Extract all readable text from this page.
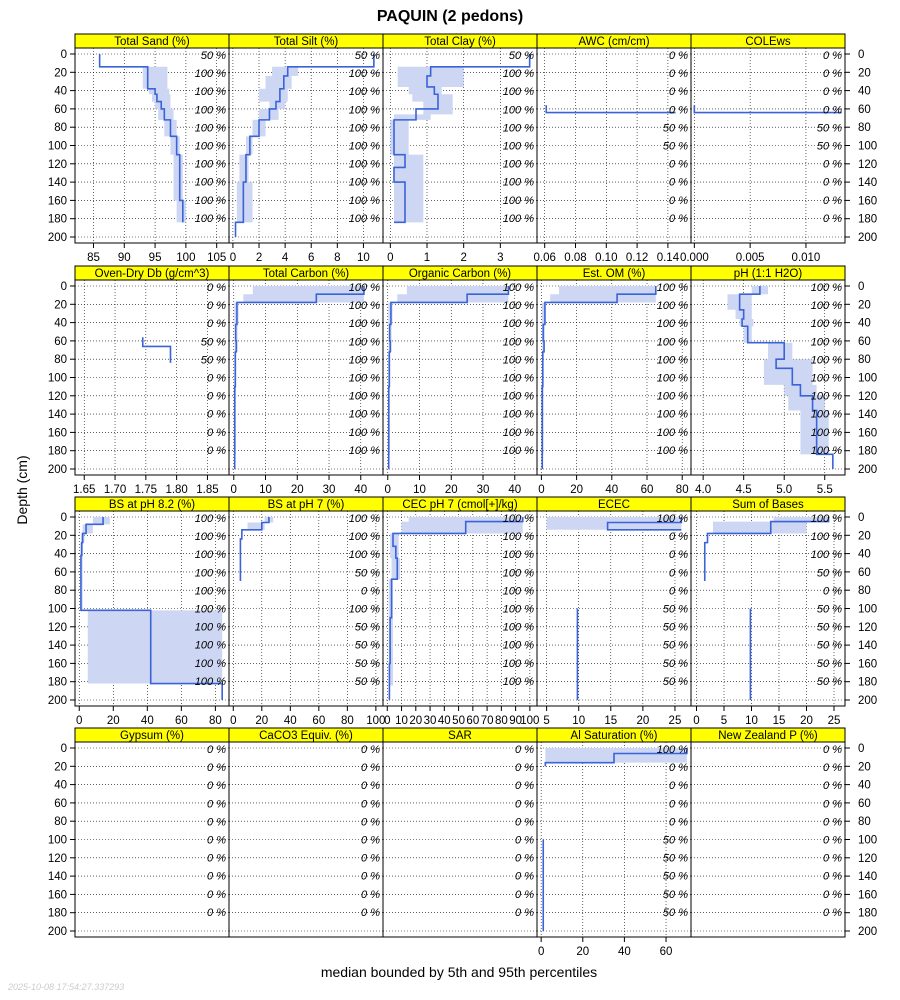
PAQUIN (2 pedons)
Total Sand (%)
50 %
100 %
100 %
100 %
100 %
100 %
100 %
100 %
100 %
100 %
85 90 95 100 105
0
20
40
60
80
100
120
140
160
180
200
Total Silt (%)
50 %
100 %
100 %
100 %
100 %
100 %
100 %
100 %
100 %
100 %
0 2 4 6 8 10
Total Clay (%)
50 %
100 %
100 %
100 %
100 %
100 %
100 %
100 %
100 %
100 %
0	1	2	3
AWC (cm/cm)
0 %
0 %
0 %
0 %
50 %
50 %
0 %
0 %
0 %
0 %
0.06 0.08 0.10 0.12 0.14
COLEws
0 %
0 %
0 %
0 %
50 %
50 %
0 %
0 %
0 %
0 %
0.000 0.005 0.010
0
20
40
60
80
100
120
140
160
180
200
Oven-Dry Db (g/cm^3)
0 %
0 %
0 %
50 %
50 %
0 %
0 %
0 %
0 %
0 %
1.65 1.70 1.75 1.80 1.85
0
20
40
60
80
100
120
140
160
180
200
Total Carbon (%)
100 %
100 %
100 %
100 %
100 %
100 %
100 %
100 %
100 %
100 %
0 10 20 30 40
Organic Carbon (%)
100 %
100 %
100 %
100 %
100 %
100 %
100 %
100 %
100 %
100 %
0 10 20 30 40
Est. OM (%)
100 %
100 %
100 %
100 %
100 %
100 %
100 %
100 %
100 %
100 %
0 20 40 60 80
pH (1:1 H2O)
100 %
100 %
100 %
100 %
100 %
100 %
100 %
100 %
100 %
100 %
4.0 4.5 5.0 5.5
0
20
40
60
80
100
120
140
160
180
200
BS at pH 8.2 (%)
100 %
100 %
100 %
100 %
100 %
100 %
100 %
100 %
100 %
100 %
0 20 40 60 80
0
20
40
60
80
100
120
140
160
180
200
BS at pH 7 (%)
100 %
100 %
100 %
50 %
0 %
100 %
50 %
50 %
50 %
50 %
0 20 40 60 80 100
CEC pH 7 (cmol[+]/kg)
100 %
100 %
100 %
100 %
100 %
100 %
100 %
100 %
100 %
100 %
0 10 20 30 40 50 60 70 80 90
100
ECEC
100 %
0 %
0 %
0 %
0 %
50 %
50 %
50 %
50 %
50 %
5 10 15 20 25
Sum of Bases
100 %
100 %
100 %
50 %
0 %
50 %
50 %
50 %
50 %
50 %
0 5 10 15 20 25
0
20
40
60
80
100
120
140
160
180
200
Gypsum (%)
0 %
0 %
0 %
0 %
0 %
0 %
0 %
0 %
0 %
0 %
0
20
40
60
80
100
120
140
160
180
200
CaCO3 Equiv. (%)
0 %
0 %
0 %
0 %
0 %
0 %
0 %
0 %
0 %
0 %
SAR
0 %
0 %
0 %
0 %
0 %
0 %
0 %
0 %
0 %
0 %
Al Saturation (%)
100 %
0 %
0 %
0 %
0 %
50 %
50 %
50 %
50 %
50 %
0	20	40	60
New Zealand P (%)
0 %
0 %
0 %
0 %
0 %
0 %
0 %
0 %
0 %
0 %
0
20
40
60
80
100
120
140
160
180
200
Depth (cm)
median bounded by 5th and 95th percentiles
2025-10-08 17:54:27.337293
